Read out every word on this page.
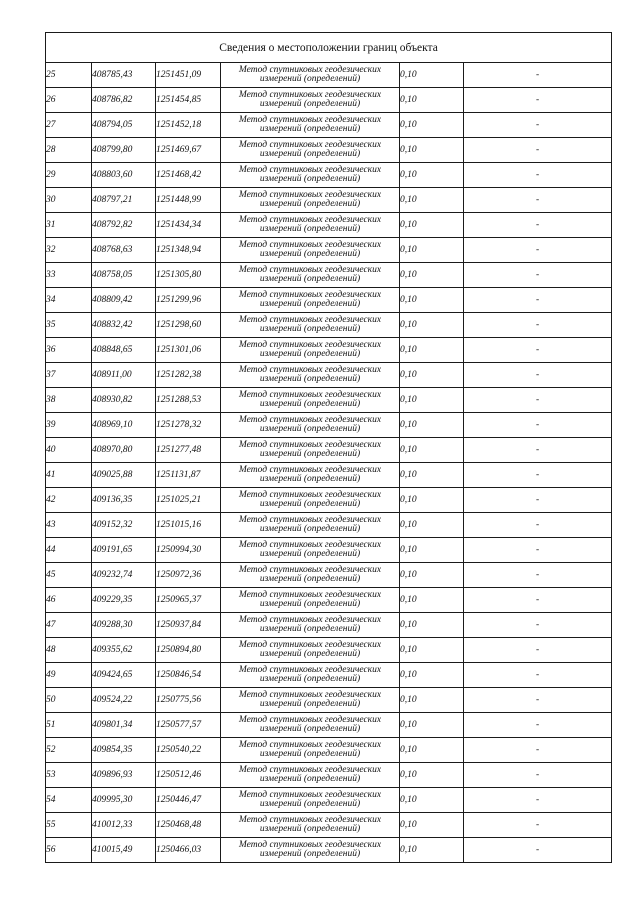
Сведения о местоположении границ объекта					
25	408785,43	1251451,09	Метод спутниковых геодезических
измерений (определений)	0,10	-
26	408786,82	1251454,85	Метод спутниковых геодезических
измерений (определений)	0,10	-
27	408794,05	1251452,18	Метод спутниковых геодезических
измерений (определений)	0,10	-
28	408799,80	1251469,67	Метод спутниковых геодезических
измерений (определений)	0,10	-
29	408803,60	1251468,42	Метод спутниковых геодезических
измерений (определений)	0,10	-
30	408797,21	1251448,99	Метод спутниковых геодезических
измерений (определений)	0,10	-
31	408792,82	1251434,34	Метод спутниковых геодезических
измерений (определений)	0,10	-
32	408768,63	1251348,94	Метод спутниковых геодезических
измерений (определений)	0,10	-
33	408758,05	1251305,80	Метод спутниковых геодезических
измерений (определений)	0,10	-
34	408809,42	1251299,96	Метод спутниковых геодезических
измерений (определений)	0,10	-
35	408832,42	1251298,60	Метод спутниковых геодезических
измерений (определений)	0,10	-
36	408848,65	1251301,06	Метод спутниковых геодезических
измерений (определений)	0,10	-
37	408911,00	1251282,38	Метод спутниковых геодезических
измерений (определений)	0,10	-
38	408930,82	1251288,53	Метод спутниковых геодезических
измерений (определений)	0,10	-
39	408969,10	1251278,32	Метод спутниковых геодезических
измерений (определений)	0,10	-
40	408970,80	1251277,48	Метод спутниковых геодезических
измерений (определений)	0,10	-
41	409025,88	1251131,87	Метод спутниковых геодезических
измерений (определений)	0,10	-
42	409136,35	1251025,21	Метод спутниковых геодезических
измерений (определений)	0,10	-
43	409152,32	1251015,16	Метод спутниковых геодезических
измерений (определений)	0,10	-
44	409191,65	1250994,30	Метод спутниковых геодезических
измерений (определений)	0,10	-
45	409232,74	1250972,36	Метод спутниковых геодезических
измерений (определений)	0,10	-
46	409229,35	1250965,37	Метод спутниковых геодезических
измерений (определений)	0,10	-
47	409288,30	1250937,84	Метод спутниковых геодезических
измерений (определений)	0,10	-
48	409355,62	1250894,80	Метод спутниковых геодезических
измерений (определений)	0,10	-
49	409424,65	1250846,54	Метод спутниковых геодезических
измерений (определений)	0,10	-
50	409524,22	1250775,56	Метод спутниковых геодезических
измерений (определений)	0,10	-
51	409801,34	1250577,57	Метод спутниковых геодезических
измерений (определений)	0,10	-
52	409854,35	1250540,22	Метод спутниковых геодезических
измерений (определений)	0,10	-
53	409896,93	1250512,46	Метод спутниковых геодезических
измерений (определений)	0,10	-
54	409995,30	1250446,47	Метод спутниковых геодезических
измерений (определений)	0,10	-
55	410012,33	1250468,48	Метод спутниковых геодезических
измерений (определений)	0,10	-
56	410015,49	1250466,03	Метод спутниковых геодезических
измерений (определений)	0,10	-
